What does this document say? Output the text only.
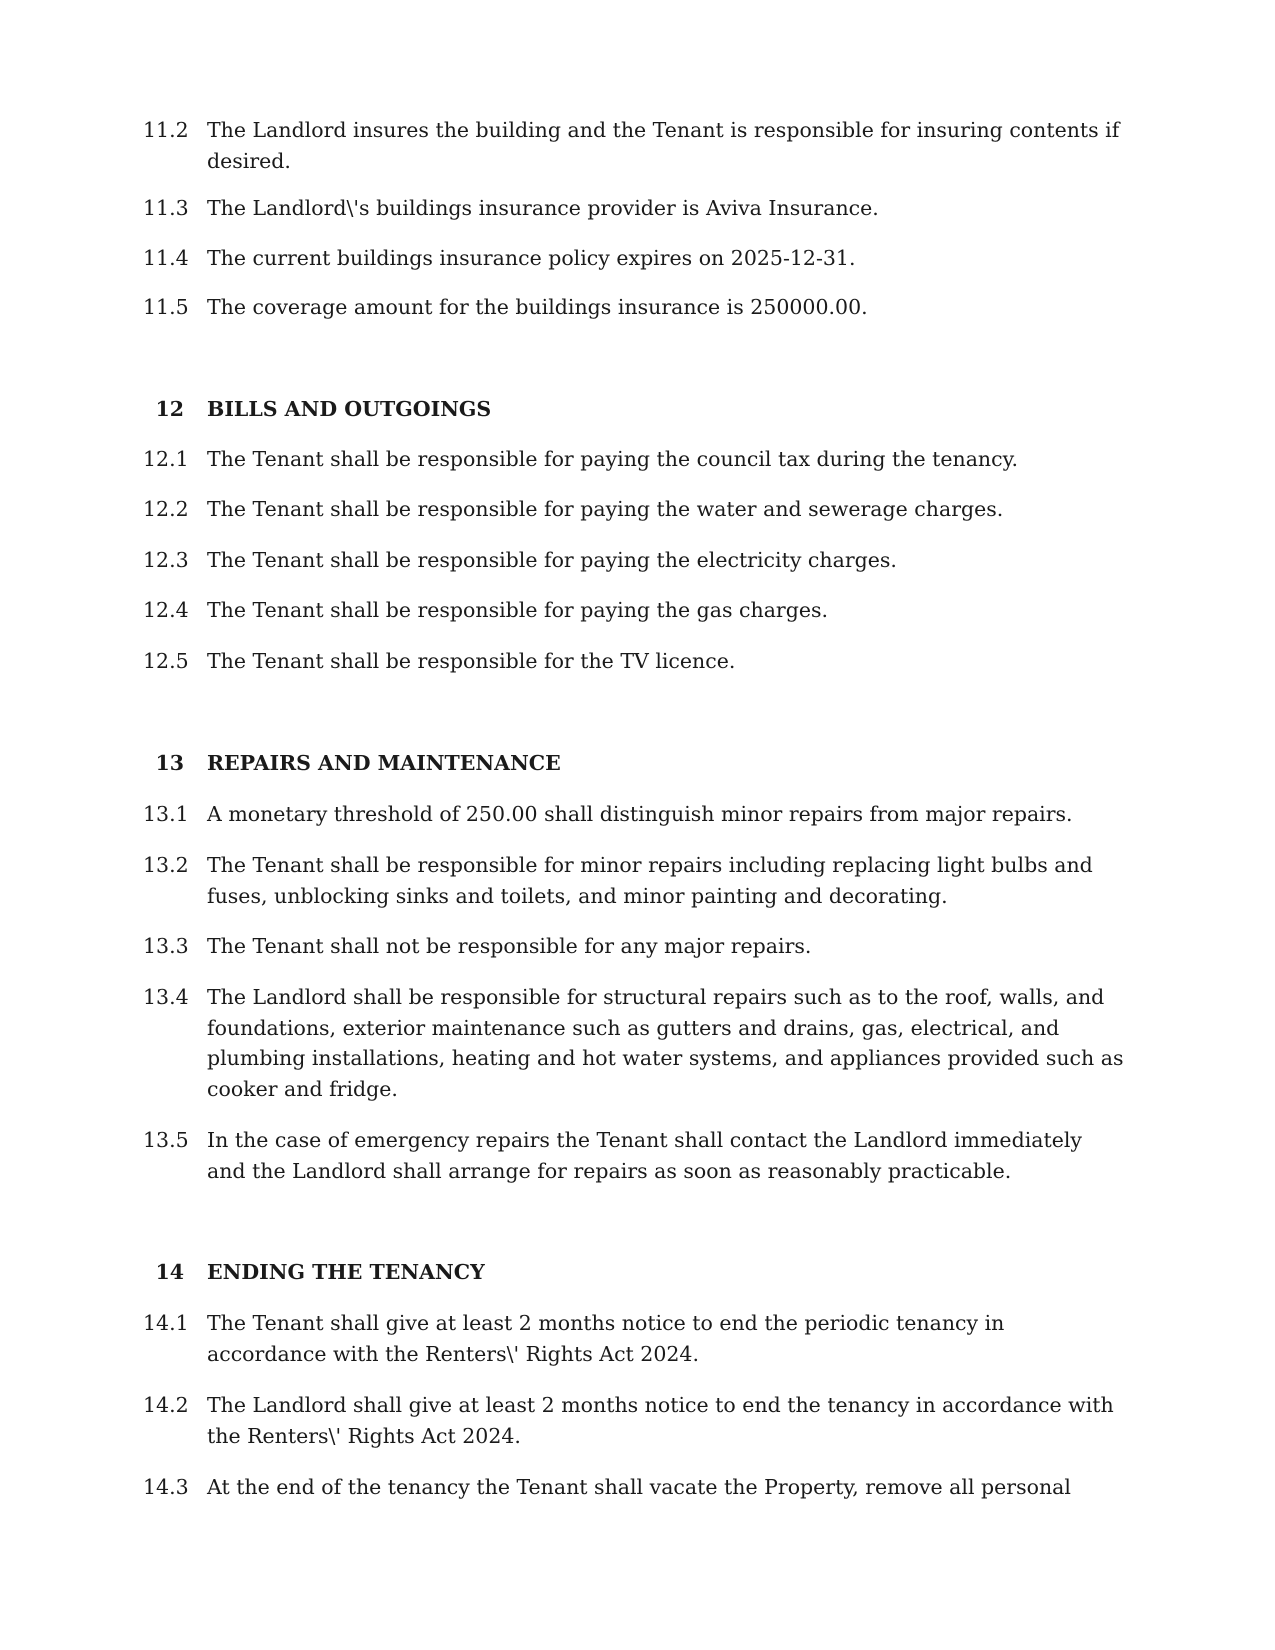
11.2 The Landlord insures the building and the Tenant is responsible for insuring contents if desired.
11.3 The Landlord\'s buildings insurance provider is Aviva Insurance.
11.4 The current buildings insurance policy expires on 2025-12-31.
11.5 The coverage amount for the buildings insurance is 250000.00.
12 BILLS AND OUTGOINGS
12.1 The Tenant shall be responsible for paying the council tax during the tenancy.
12.2 The Tenant shall be responsible for paying the water and sewerage charges.
12.3 The Tenant shall be responsible for paying the electricity charges.
12.4 The Tenant shall be responsible for paying the gas charges.
12.5 The Tenant shall be responsible for the TV licence.
13 REPAIRS AND MAINTENANCE
13.1 A monetary threshold of 250.00 shall distinguish minor repairs from major repairs.
13.2 The Tenant shall be responsible for minor repairs including replacing light bulbs and fuses, unblocking sinks and toilets, and minor painting and decorating.
13.3 The Tenant shall not be responsible for any major repairs.
13.4 The Landlord shall be responsible for structural repairs such as to the roof, walls, and foundations, exterior maintenance such as gutters and drains, gas, electrical, and plumbing installations, heating and hot water systems, and appliances provided such as cooker and fridge.
13.5 In the case of emergency repairs the Tenant shall contact the Landlord immediately and the Landlord shall arrange for repairs as soon as reasonably practicable.
14 ENDING THE TENANCY
14.1 The Tenant shall give at least 2 months notice to end the periodic tenancy in accordance with the Renters\' Rights Act 2024.
14.2 The Landlord shall give at least 2 months notice to end the tenancy in accordance with the Renters\' Rights Act 2024.
14.3 At the end of the tenancy the Tenant shall vacate the Property, remove all personal
